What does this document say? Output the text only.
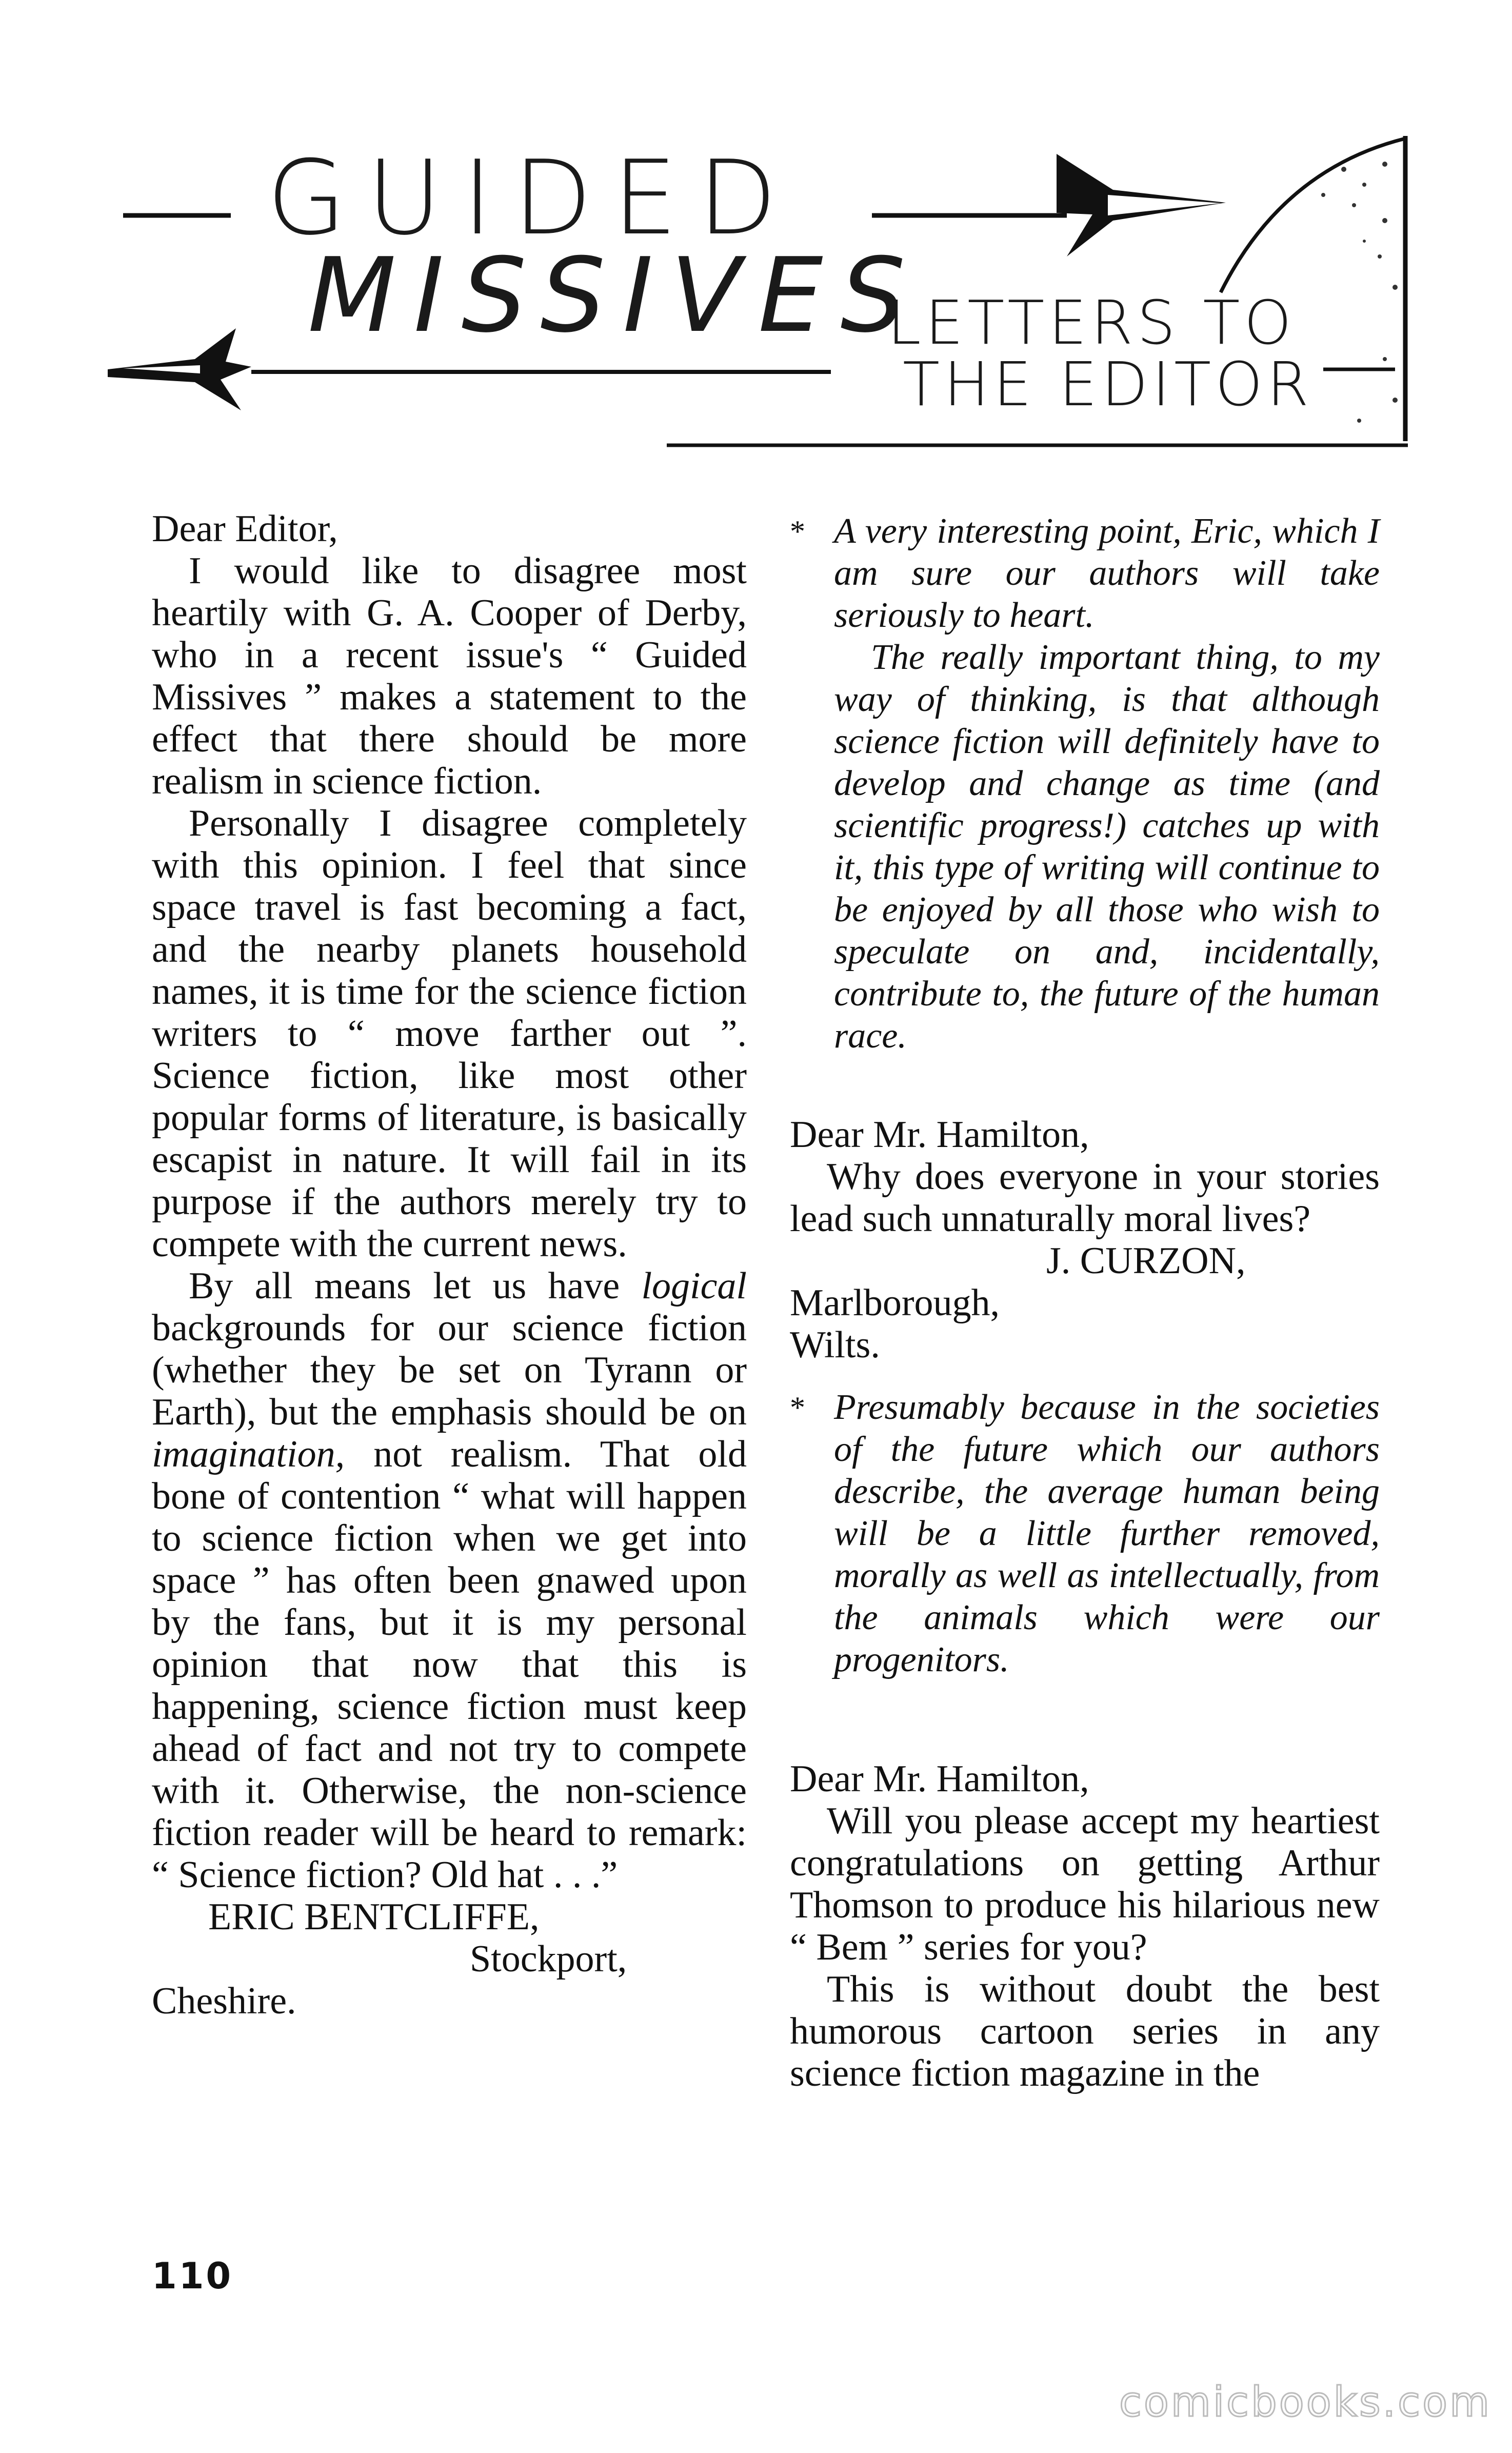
GUIDED
MISSIVES
LETTERS TO
THE EDITOR

Dear Editor,

I would like to disagree most heartily with G. A. Cooper of Derby, who in a recent issue's “ Guided Missives ” makes a statement to the effect that there should be more realism in science fiction.

Personally I disagree completely with this opinion. I feel that since space travel is fast becoming a fact, and the nearby planets household names, it is time for the science fiction writers to “ move farther out ”. Science fiction, like most other popular forms of literature, is basically escapist in nature. It will fail in its purpose if the authors merely try to compete with the current news.

By all means let us have logical backgrounds for our science fiction (whether they be set on Tyrann or Earth), but the emphasis should be on imagination, not realism. That old bone of contention “ what will happen to science fiction when we get into space ” has often been gnawed upon by the fans, but it is my personal opinion that now that this is happening, science fiction must keep ahead of fact and not try to compete with it. Otherwise, the non-science fiction reader will be heard to remark: “ Science fiction? Old hat . . .”

ERIC BENTCLIFFE,

Stockport,

Cheshire.

* A very interesting point, Eric, which I am sure our authors will take seriously to heart.

The really important thing, to my way of thinking, is that although science fiction will definitely have to develop and change as time (and scientific progress!) catches up with it, this type of writing will continue to be enjoyed by all those who wish to speculate on and, incidentally, contribute to, the future of the human race.

Dear Mr. Hamilton,

Why does everyone in your stories lead such unnaturally moral lives?

J. CURZON,

Marlborough,

Wilts.

* Presumably because in the societies of the future which our authors describe, the average human being will be a little further removed, morally as well as intellectually, from the animals which were our progenitors.

Dear Mr. Hamilton,

Will you please accept my heartiest congratulations on getting Arthur Thomson to produce his hilarious new “ Bem ” series for you?

This is without doubt the best humorous cartoon series in any science fiction magazine in the

110
comicbooks.com
